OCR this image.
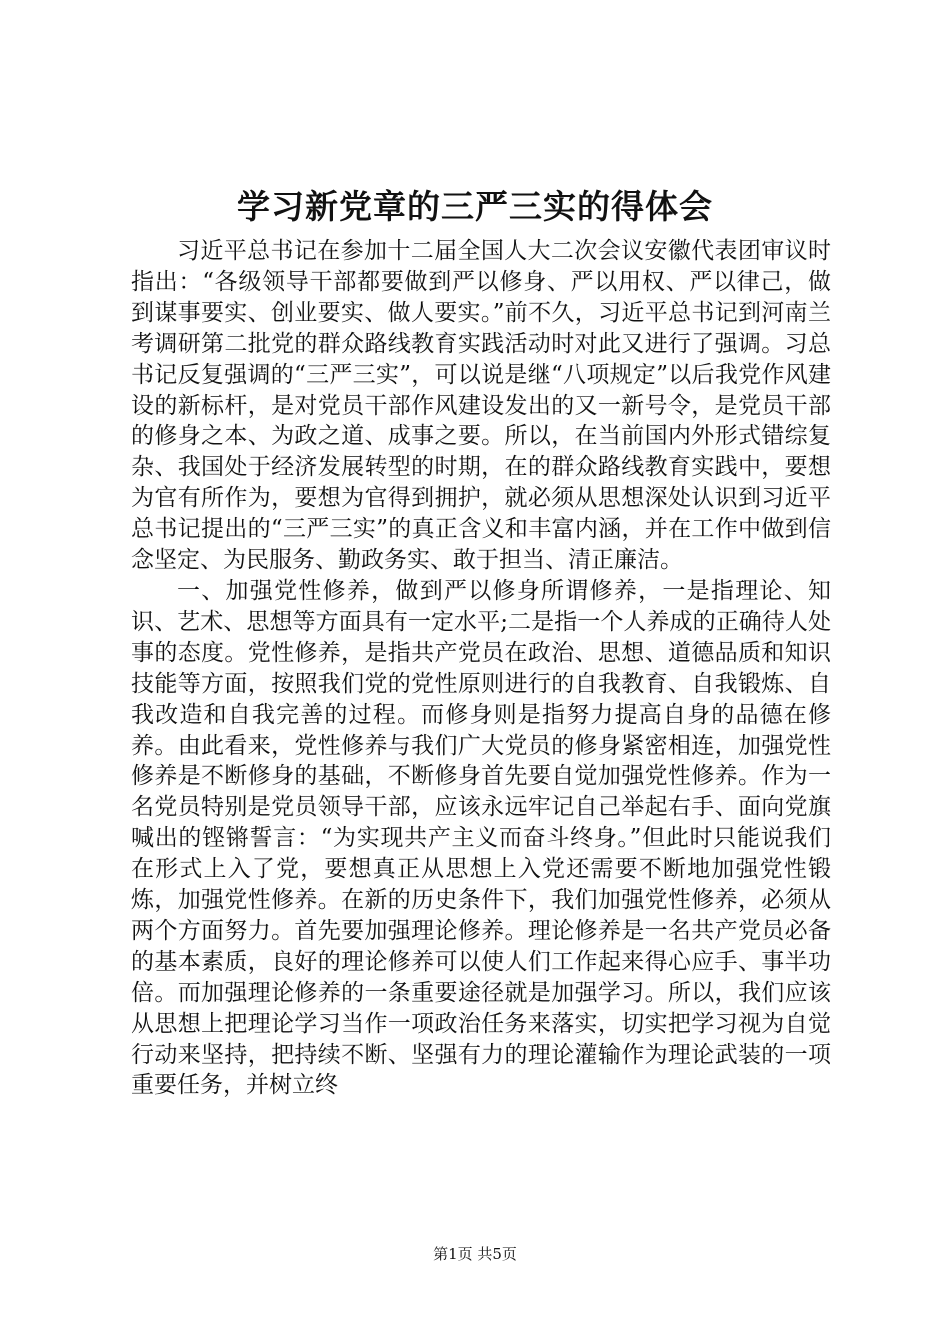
学习新党章的三严三实的得体会

习近平总书记在参加十二届全国人大二次会议安徽代表团审议时指出：“各级领导干部都要做到严以修身、严以用权、严以律己，做到谋事要实、创业要实、做人要实。”前不久，习近平总书记到河南兰考调研第二批党的群众路线教育实践活动时对此又进行了强调。习总书记反复强调的“三严三实”，可以说是继“八项规定”以后我党作风建设的新标杆，是对党员干部作风建设发出的又一新号令，是党员干部的修身之本、为政之道、成事之要。所以，在当前国内外形式错综复杂、我国处于经济发展转型的时期，在的群众路线教育实践中，要想为官有所作为，要想为官得到拥护，就必须从思想深处认识到习近平总书记提出的“三严三实”的真正含义和丰富内涵，并在工作中做到信念坚定、为民服务、勤政务实、敢于担当、清正廉洁。

一、加强党性修养，做到严以修身所谓修养，一是指理论、知识、艺术、思想等方面具有一定水平;二是指一个人养成的正确待人处事的态度。党性修养，是指共产党员在政治、思想、道德品质和知识技能等方面，按照我们党的党性原则进行的自我教育、自我锻炼、自我改造和自我完善的过程。而修身则是指努力提高自身的品德在修养。由此看来，党性修养与我们广大党员的修身紧密相连，加强党性修养是不断修身的基础，不断修身首先要自觉加强党性修养。作为一名党员特别是党员领导干部，应该永远牢记自己举起右手、面向党旗喊出的铿锵誓言：“为实现共产主义而奋斗终身。”但此时只能说我们在形式上入了党，要想真正从思想上入党还需要不断地加强党性锻炼，加强党性修养。在新的历史条件下，我们加强党性修养，必须从两个方面努力。首先要加强理论修养。理论修养是一名共产党员必备的基本素质，良好的理论修养可以使人们工作起来得心应手、事半功倍。而加强理论修养的一条重要途径就是加强学习。所以，我们应该从思想上把理论学习当作一项政治任务来落实，切实把学习视为自觉行动来坚持，把持续不断、坚强有力的理论灌输作为理论武装的一项重要任务，并树立终

第1页 共5页
